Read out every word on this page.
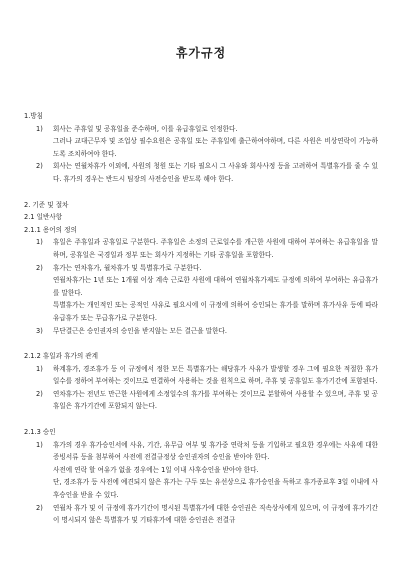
휴가규정

1.방침

1)	회사는 주휴일 및 공휴일을 준수하며, 이를 유급휴일로 인정한다.

그러나 교대근무자 및 조업상 필수요원은 공휴일 또는 주휴일에 출근하여야하며, 다른 사원은 비상연락이 가능하도록 조치하여야 한다.

2)	회사는 연월차휴가 이외에, 사원의 청원 또는 기타 필요시 그 사유와 회사사정 등을 고려하여 특별휴가를 줄 수 있다. 휴가의 경우는 반드시 팀장의 사전승인을 받도록 해야 한다.

2. 기준 및 절차

2.1 일반사항

2.1.1 용어의 정의

1)	휴일은 주휴일과 공휴일로 구분한다. 주휴일은 소정의 근로일수를 개근한 사원에 대하여 부여하는 유급휴일을 말하며, 공휴일은 국경일과 정부 또는 회사가 지정하는 기타 공휴일을 포함한다.

2)	휴가는 연차휴가, 월차휴가 및 특별휴가로 구분한다.

연월차휴가는 1년 또는 1개월 이상 계속 근로한 사원에 대하여 연월차휴가제도 규정에 의하여 부여하는 유급휴가를 말한다.

특별휴가는 개인적인 또는 공적인 사유로 필요시에 이 규정에 의하여 승인되는 휴가를 말하며 휴가사유 등에 따라 유급휴가 또는 무급휴가로 구분한다.

3)	무단결근은 승인권자의 승인을 받지않는 모든 결근을 말한다.

2.1.2 휴일과 휴가의 관계

1)	하계휴가, 경조휴가 등 이 규정에서 정한 모든 특별휴가는 해당휴가 사유가 발생할 경우 그에 필요한 적절한 휴가일수를 정하여 부여하는 것이므로 연결하여 사용하는 것을 원칙으로 하며, 주휴 및 공휴일도 휴가기간에 포함된다.

2)	연차휴가는 전년도 만근한 사원에게 소정일수의 휴가를 부여하는 것이므로 분할하여 사용할 수 있으며, 주휴 및 공휴일은 휴가기간에 포함되지 않는다.

2.1.3 승인

1)	휴가의 경우 휴가승인서에 사유, 기간, 유무급 여부 및 휴가중 연락처 등을 기입하고 필요한 경우에는 사유에 대한 증빙서류 등을 첨부하여 사전에 전결규정상 승인권자의 승인을 받아야 한다.

사전에 연락 할 여유가 없을 경우에는 1일 이내 사후승인을 받아야 한다.

단, 경조휴가 등 사전에 예견되지 않은 휴가는 구두 또는 유선상으로 휴가승인을 득하고 휴가종료후 3일 이내에 사후승인을 받을 수 있다.

2)	연월차 휴가 및 이 규정에 휴가기간이 명시된 특별휴가에 대한 승인권은 직속상사에게 있으며, 이 규정에 휴가기간이 명시되지 않은 특별휴가 및 기타휴가에 대한 승인권은 전결규
